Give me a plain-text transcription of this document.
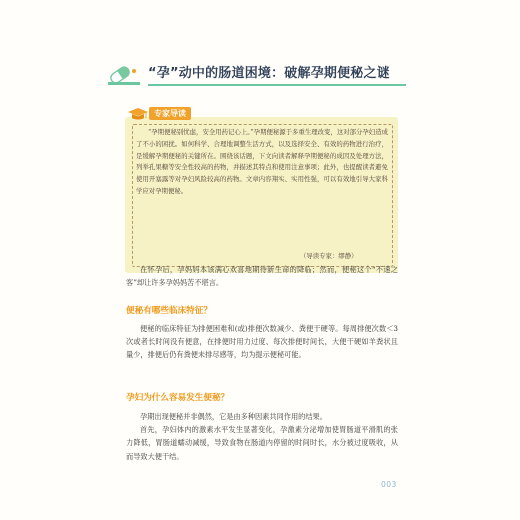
“孕”动中的肠道困境：破解孕期便秘之谜
专家导读

“孕期便秘别忧虑，安全用药记心上。”孕期便秘源于多重生理改变，这对部分孕妇造成了不小的困扰。如何科学、合理地调整生活方式，以及选择安全、有效的药物进行治疗，是缓解孕期便秘的关键所在。围绕该话题，下文向读者解释孕期便秘的成因及处理方法，列举孔果糖等安全性较高的药物，并描述其特点和使用注意事项；此外，也提醒读者避免使用开塞露等对孕妇风险较高的药物。文章内容翔实、实用性强，可以有效地引导大家科学应对孕期便秘。

（导读专家：缪静）

在怀孕后，孕妈妈本该满心欢喜地期待新生命的降临；然而，便秘这个“不速之客”却让许多孕妈妈苦不堪言。

便秘有哪些临床特征？

便秘的临床特征为排便困难和(或)排便次数减少、粪便干硬等。每周排便次数＜3次或者长时间没有便意，在排便时用力过度、每次排便时间长，大便干硬如羊粪状且量少，排便后仍有粪便未排尽感等，均为提示便秘可能。

孕妇为什么容易发生便秘？

孕期出现便秘并非偶然，它是由多种因素共同作用的结果。

首先，孕妇体内的激素水平发生显著变化，孕激素分泌增加使胃肠道平滑肌的张力降低，胃肠道蠕动减缓，导致食物在肠道内停留的时间时长，水分被过度吸收，从而导致大便干结。

003
